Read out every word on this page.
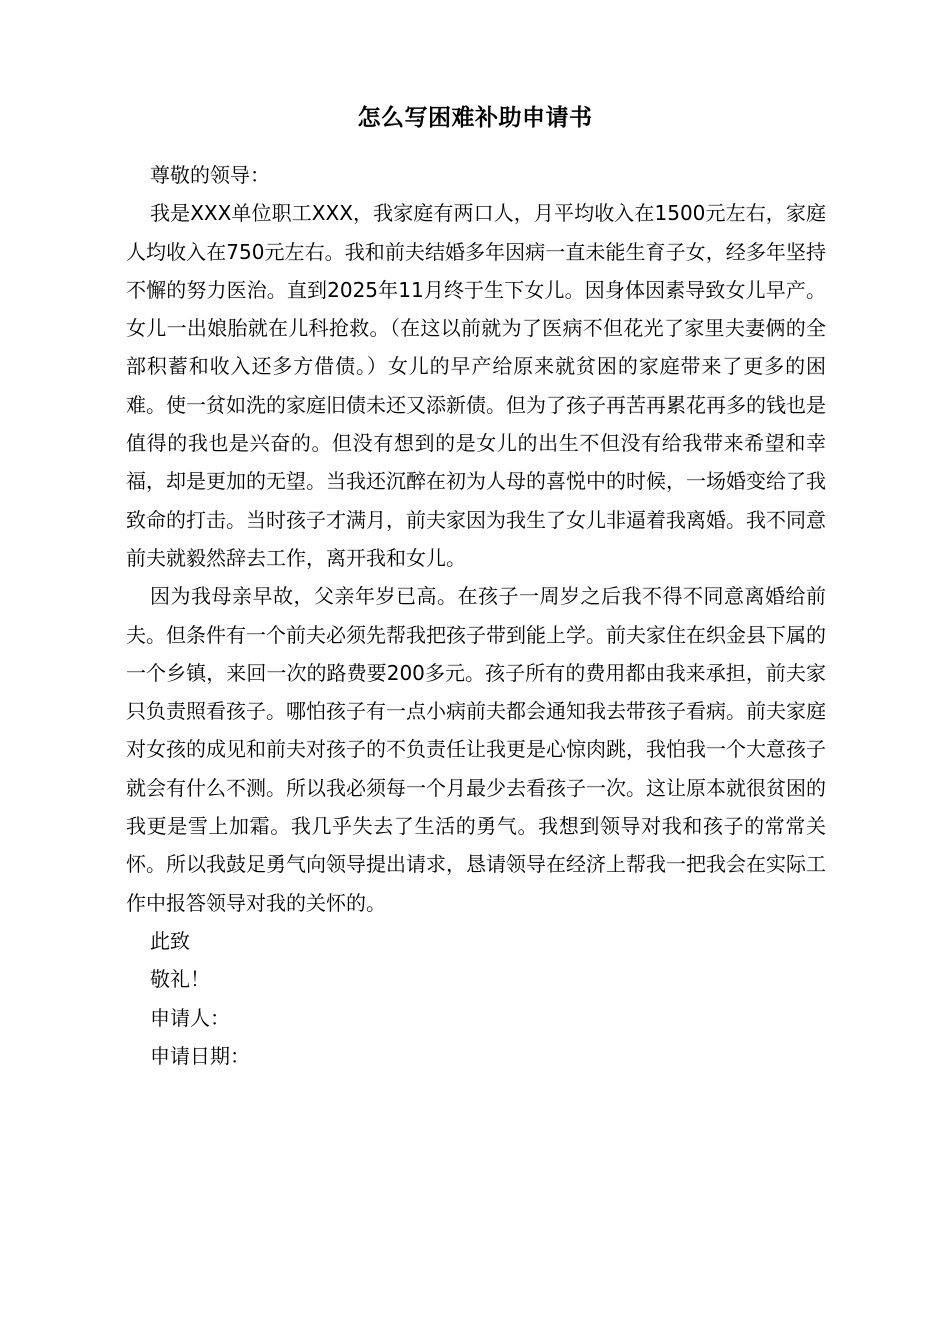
怎么写困难补助申请书

尊敬的领导：

我是XXX单位职工XXX，我家庭有两口人，月平均收入在1500元左右，家庭人均收入在750元左右。我和前夫结婚多年因病一直未能生育子女，经多年坚持不懈的努力医治。直到2025年11月终于生下女儿。因身体因素导致女儿早产。女儿一出娘胎就在儿科抢救。（在这以前就为了医病不但花光了家里夫妻俩的全部积蓄和收入还多方借债。）女儿的早产给原来就贫困的家庭带来了更多的困难。使一贫如洗的家庭旧债未还又添新债。但为了孩子再苦再累花再多的钱也是值得的我也是兴奋的。但没有想到的是女儿的出生不但没有给我带来希望和幸福，却是更加的无望。当我还沉醉在初为人母的喜悦中的时候，一场婚变给了我致命的打击。当时孩子才满月，前夫家因为我生了女儿非逼着我离婚。我不同意前夫就毅然辞去工作，离开我和女儿。

因为我母亲早故，父亲年岁已高。在孩子一周岁之后我不得不同意离婚给前夫。但条件有一个前夫必须先帮我把孩子带到能上学。前夫家住在织金县下属的一个乡镇，来回一次的路费要200多元。孩子所有的费用都由我来承担，前夫家只负责照看孩子。哪怕孩子有一点小病前夫都会通知我去带孩子看病。前夫家庭对女孩的成见和前夫对孩子的不负责任让我更是心惊肉跳，我怕我一个大意孩子就会有什么不测。所以我必须每一个月最少去看孩子一次。这让原本就很贫困的我更是雪上加霜。我几乎失去了生活的勇气。我想到领导对我和孩子的常常关怀。所以我鼓足勇气向领导提出请求，恳请领导在经济上帮我一把我会在实际工作中报答领导对我的关怀的。

此致

敬礼！

申请人：

申请日期：
